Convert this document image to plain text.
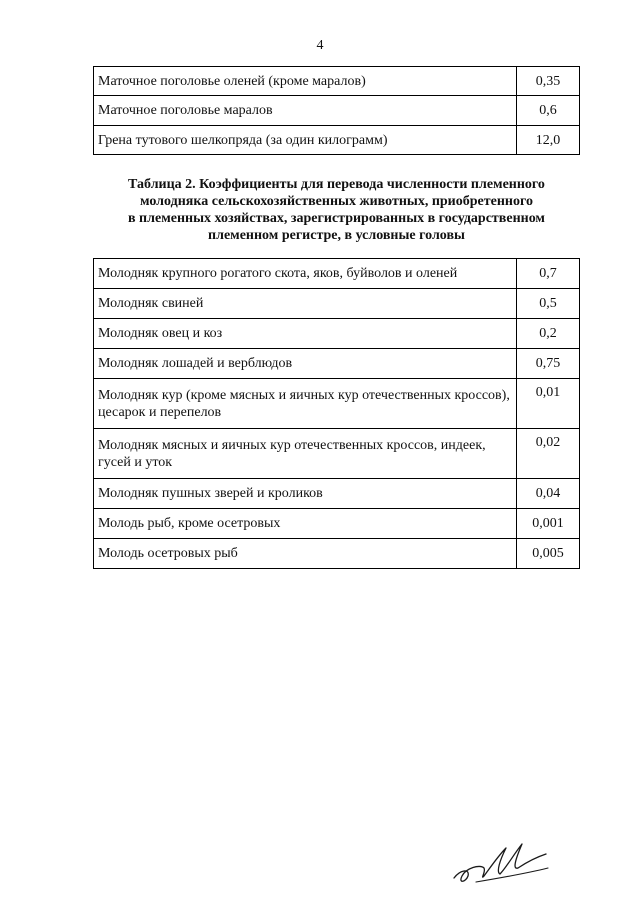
4
Маточное поголовье оленей (кроме маралов)	0,35
Маточное поголовье маралов	0,6
Грена тутового шелкопряда (за один килограмм)	12,0
Таблица 2. Коэффициенты для перевода численности племенного
молодняка сельскохозяйственных животных, приобретенного
в племенных хозяйствах, зарегистрированных в государственном
племенном регистре, в условные головы
Молодняк крупного рогатого скота, яков, буйволов и оленей	0,7
Молодняк свиней	0,5
Молодняк овец и коз	0,2
Молодняк лошадей и верблюдов	0,75
Молодняк кур (кроме мясных и яичных кур отечественных кроссов), цесарок и перепелов	0,01
Молодняк мясных и яичных кур отечественных кроссов, индеек, гусей и уток	0,02
Молодняк пушных зверей и кроликов	0,04
Молодь рыб, кроме осетровых	0,001
Молодь осетровых рыб	0,005
